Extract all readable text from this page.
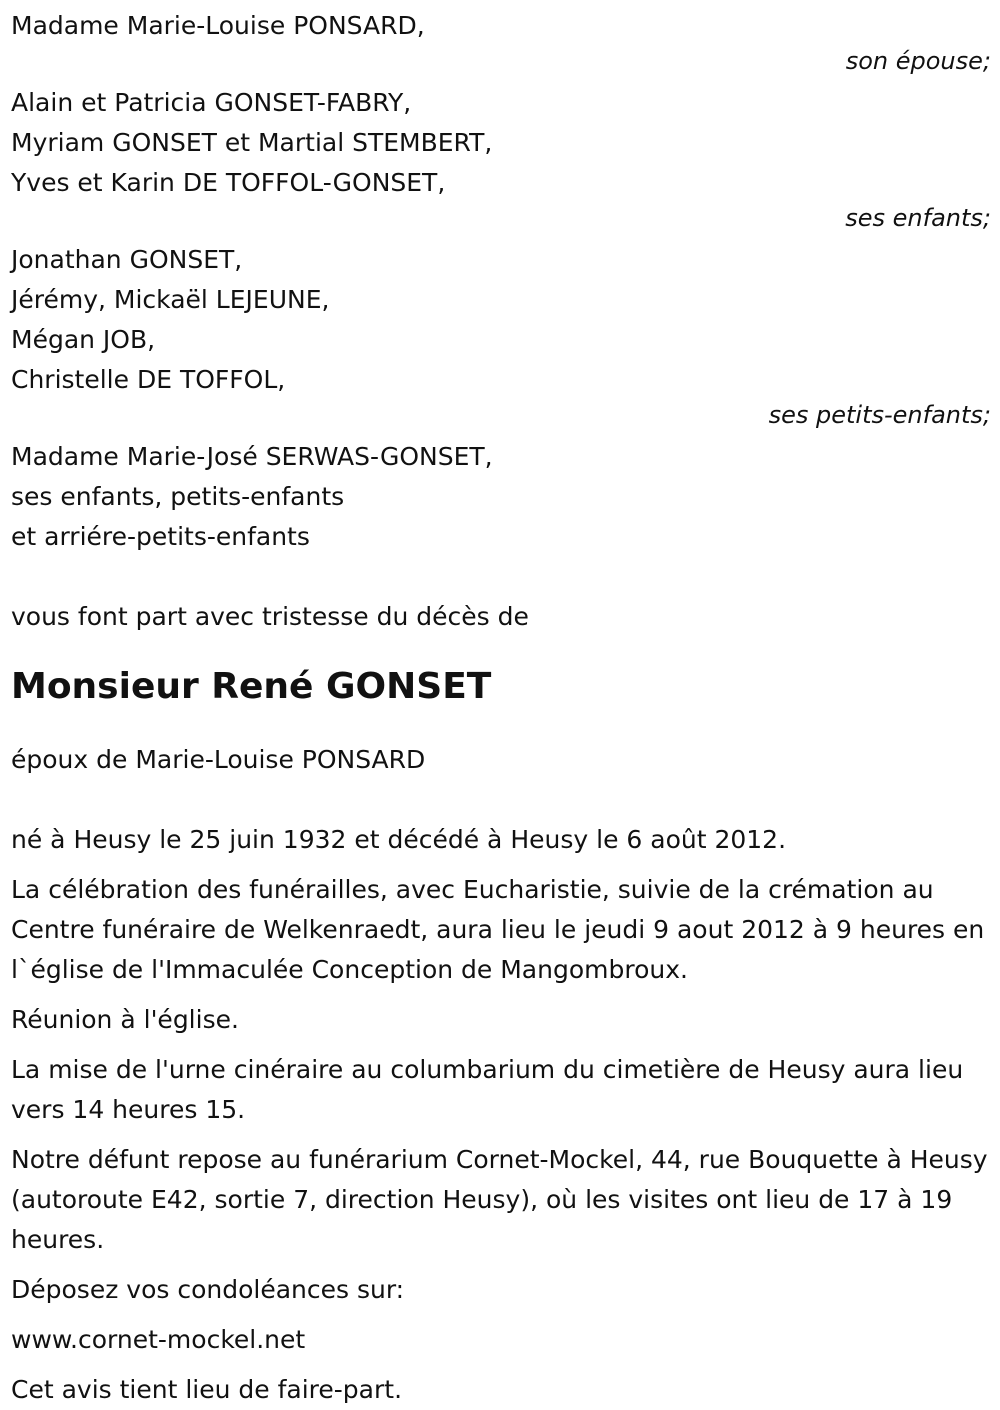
Madame Marie-Louise PONSARD,
son épouse;
Alain et Patricia GONSET-FABRY,
Myriam GONSET et Martial STEMBERT,
Yves et Karin DE TOFFOL-GONSET,
ses enfants;
Jonathan GONSET,
Jérémy, Mickaël LEJEUNE,
Mégan JOB,
Christelle DE TOFFOL,
ses petits-enfants;
Madame Marie-José SERWAS-GONSET,
ses enfants, petits-enfants
et arriére-petits-enfants
vous font part avec tristesse du décès de
Monsieur René GONSET
époux de Marie-Louise PONSARD
né à Heusy le 25 juin 1932 et décédé à Heusy le 6 août 2012.

La célébration des funérailles, avec Eucharistie, suivie de la crémation au Centre funéraire de Welkenraedt, aura lieu le jeudi 9 aout 2012 à 9 heures en l`église de l'Immaculée Conception de Mangombroux.

Réunion à l'église.

La mise de l'urne cinéraire au columbarium du cimetière de Heusy aura lieu vers 14 heures 15.

Notre défunt repose au funérarium Cornet-Mockel, 44, rue Bouquette à Heusy (autoroute E42, sortie 7, direction Heusy), où les visites ont lieu de 17 à 19 heures.

Déposez vos condoléances sur:

www.cornet-mockel.net

Cet avis tient lieu de faire-part.
